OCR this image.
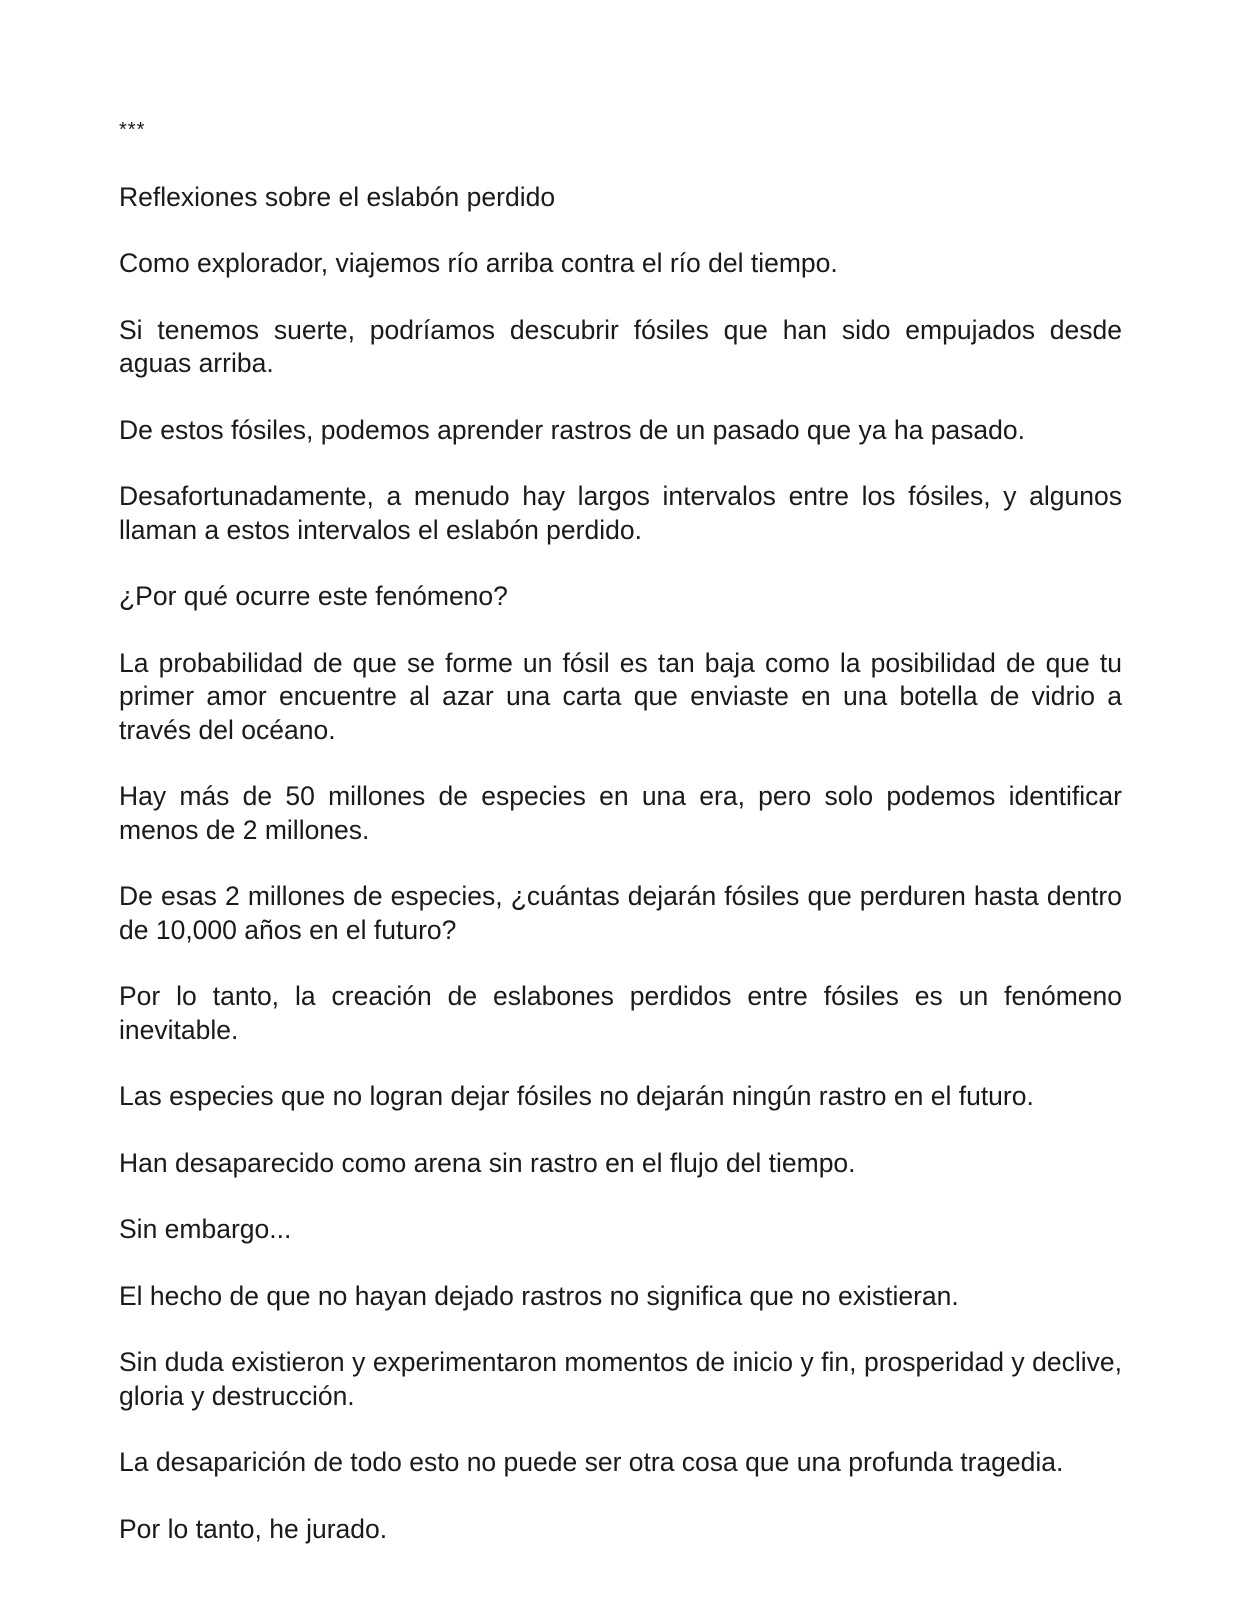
***

Reflexiones sobre el eslabón perdido

Como explorador, viajemos río arriba contra el río del tiempo.

Si tenemos suerte, podríamos descubrir fósiles que han sido empujados desde aguas arriba.

De estos fósiles, podemos aprender rastros de un pasado que ya ha pasado.

Desafortunadamente, a menudo hay largos intervalos entre los fósiles, y algunos llaman a estos intervalos el eslabón perdido.

¿Por qué ocurre este fenómeno?

La probabilidad de que se forme un fósil es tan baja como la posibilidad de que tu primer amor encuentre al azar una carta que enviaste en una botella de vidrio a través del océano.

Hay más de 50 millones de especies en una era, pero solo podemos identificar menos de 2 millones.

De esas 2 millones de especies, ¿cuántas dejarán fósiles que perduren hasta dentro de 10,000 años en el futuro?

Por lo tanto, la creación de eslabones perdidos entre fósiles es un fenómeno inevitable.

Las especies que no logran dejar fósiles no dejarán ningún rastro en el futuro.

Han desaparecido como arena sin rastro en el flujo del tiempo.

Sin embargo...

El hecho de que no hayan dejado rastros no significa que no existieran.

Sin duda existieron y experimentaron momentos de inicio y fin, prosperidad y declive, gloria y destrucción.

La desaparición de todo esto no puede ser otra cosa que una profunda tragedia.

Por lo tanto, he jurado.
